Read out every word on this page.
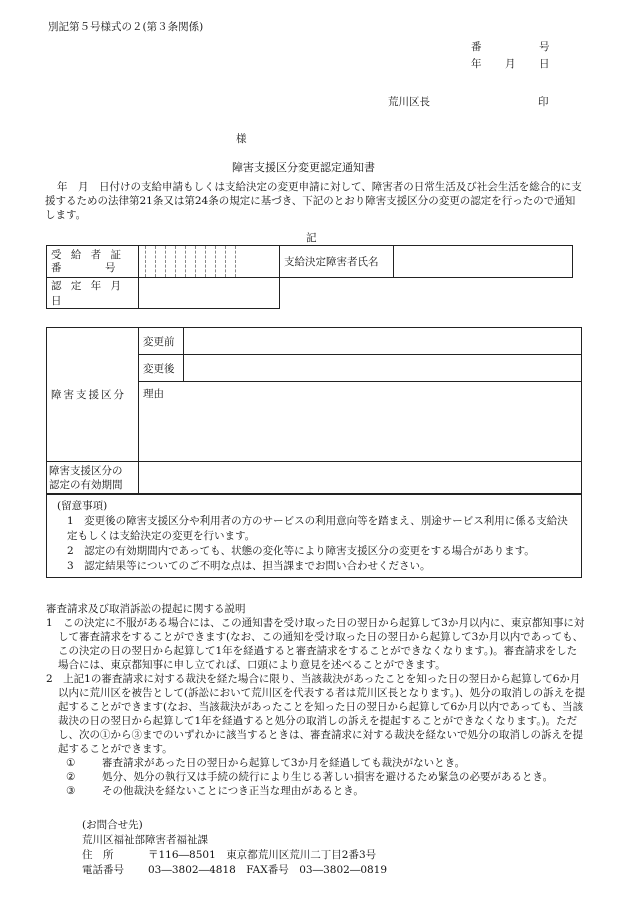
別記第５号様式の２(第３条関係)
番	号
年 月 日
荒川区長	印
様
障害支援区分変更認定通知書
年　月　日付けの支給申請もしくは支給決定の変更申請に対して、障害者の日常生活及び社会生活を総合的に支援するための法律第21条又は第24条の規定に基づき、下記のとおり障害支援区分の変更の認定を行ったので通知します。
記
受 給 者 証
番　　　号		支給決定障害者氏名	
認 定 年 月 日			
障害支援区分	変更前	
	変更後	
	理由	

障害支援区分の
認定の有効期間		

(留意事項)
1　変更後の障害支援区分や利用者の方のサービスの利用意向等を踏まえ、別途サービス利用に係る支給決定もしくは支給決定の変更を行います。
2　認定の有効期間内であっても、状態の変化等により障害支援区分の変更をする場合があります。
3　認定結果等についてのご不明な点は、担当課までお問い合わせください。
審査請求及び取消訴訟の提起に関する説明
1　この決定に不服がある場合には、この通知書を受け取った日の翌日から起算して3か月以内に、東京都知事に対して審査請求をすることができます(なお、この通知を受け取った日の翌日から起算して3か月以内であっても、この決定の日の翌日から起算して1年を経過すると審査請求をすることができなくなります。)。審査請求をした場合には、東京都知事に申し立てれば、口頭により意見を述べることができます。
2　上記1の審査請求に対する裁決を経た場合に限り、当該裁決があったことを知った日の翌日から起算して6か月以内に荒川区を被告として(訴訟において荒川区を代表する者は荒川区長となります。)、処分の取消しの訴えを提起することができます(なお、当該裁決があったことを知った日の翌日から起算して6か月以内であっても、当該裁決の日の翌日から起算して1年を経過すると処分の取消しの訴えを提起することができなくなります。)。ただし、次の①から③までのいずれかに該当するときは、審査請求に対する裁決を経ないで処分の取消しの訴えを提起することができます。
①	審査請求があった日の翌日から起算して3か月を経過しても裁決がないとき。
②	処分、処分の執行又は手続の続行により生じる著しい損害を避けるため緊急の必要があるとき。
③	その他裁決を経ないことにつき正当な理由があるとき。
(お問合せ先)
荒川区福祉部障害者福祉課
住　所	〒116―8501　東京都荒川区荒川二丁目2番3号
電話番号 03―3802―4818　FAX番号　03―3802―0819
